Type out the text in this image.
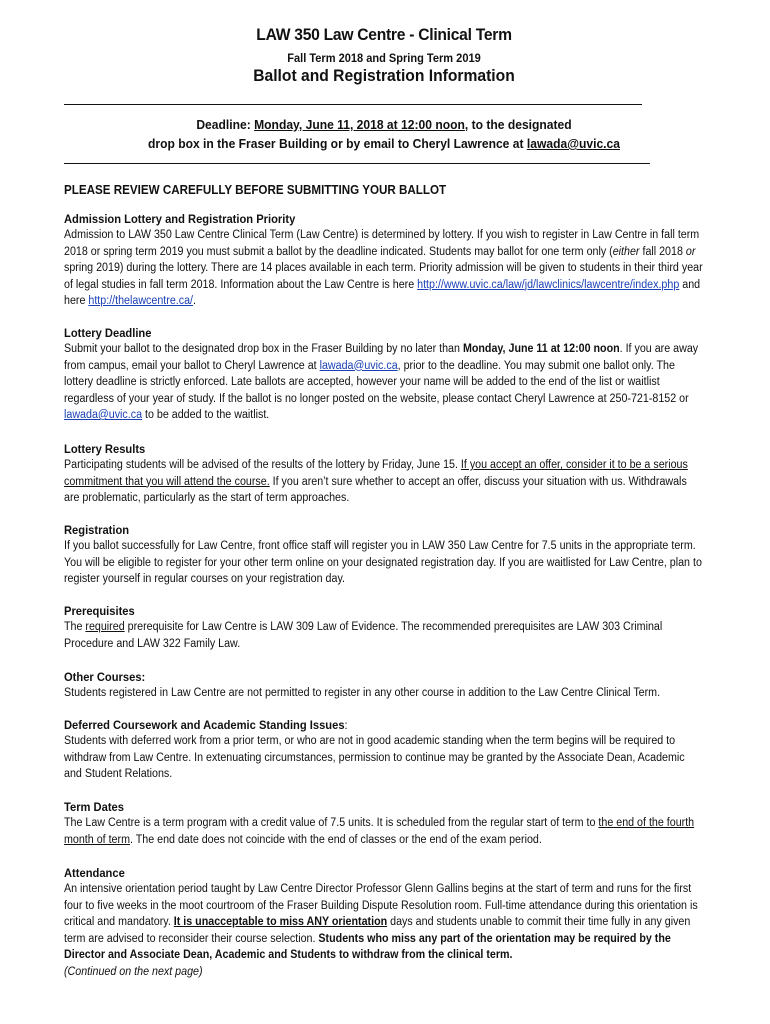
LAW 350 Law Centre - Clinical Term
Fall Term 2018 and Spring Term 2019
Ballot and Registration Information
Deadline: Monday, June 11, 2018 at 12:00 noon, to the designated
drop box in the Fraser Building or by email to Cheryl Lawrence at lawada@uvic.ca
PLEASE REVIEW CAREFULLY BEFORE SUBMITTING YOUR BALLOT
Admission Lottery and Registration Priority

Admission to LAW 350 Law Centre Clinical Term (Law Centre) is determined by lottery. If you wish to register in Law Centre in fall term 2018 or spring term 2019 you must submit a ballot by the deadline indicated. Students may ballot for one term only (either fall 2018 or spring 2019) during the lottery. There are 14 places available in each term. Priority admission will be given to students in their third year of legal studies in fall term 2018. Information about the Law Centre is here http://www.uvic.ca/law/jd/lawclinics/lawcentre/index.php and here http://thelawcentre.ca/.

Lottery Deadline

Submit your ballot to the designated drop box in the Fraser Building by no later than Monday, June 11 at 12:00 noon. If you are away from campus, email your ballot to Cheryl Lawrence at lawada@uvic.ca, prior to the deadline. You may submit one ballot only. The lottery deadline is strictly enforced. Late ballots are accepted, however your name will be added to the end of the list or waitlist regardless of your year of study. If the ballot is no longer posted on the website, please contact Cheryl Lawrence at 250-721-8152 or lawada@uvic.ca to be added to the waitlist.

Lottery Results

Participating students will be advised of the results of the lottery by Friday, June 15. If you accept an offer, consider it to be a serious commitment that you will attend the course. If you aren’t sure whether to accept an offer, discuss your situation with us. Withdrawals are problematic, particularly as the start of term approaches.

Registration

If you ballot successfully for Law Centre, front office staff will register you in LAW 350 Law Centre for 7.5 units in the appropriate term. You will be eligible to register for your other term online on your designated registration day. If you are waitlisted for Law Centre, plan to register yourself in regular courses on your registration day.

Prerequisites

The required prerequisite for Law Centre is LAW 309 Law of Evidence. The recommended prerequisites are LAW 303 Criminal Procedure and LAW 322 Family Law.

Other Courses:

Students registered in Law Centre are not permitted to register in any other course in addition to the Law Centre Clinical Term.

Deferred Coursework and Academic Standing Issues:

Students with deferred work from a prior term, or who are not in good academic standing when the term begins will be required to withdraw from Law Centre. In extenuating circumstances, permission to continue may be granted by the Associate Dean, Academic and Student Relations.

Term Dates

The Law Centre is a term program with a credit value of 7.5 units. It is scheduled from the regular start of term to the end of the fourth month of term. The end date does not coincide with the end of classes or the end of the exam period.

Attendance

An intensive orientation period taught by Law Centre Director Professor Glenn Gallins begins at the start of term and runs for the first four to five weeks in the moot courtroom of the Fraser Building Dispute Resolution room. Full-time attendance during this orientation is critical and mandatory. It is unacceptable to miss ANY orientation days and students unable to commit their time fully in any given term are advised to reconsider their course selection. Students who miss any part of the orientation may be required by the Director and Associate Dean, Academic and Students to withdraw from the clinical term.(Continued on the next page)
